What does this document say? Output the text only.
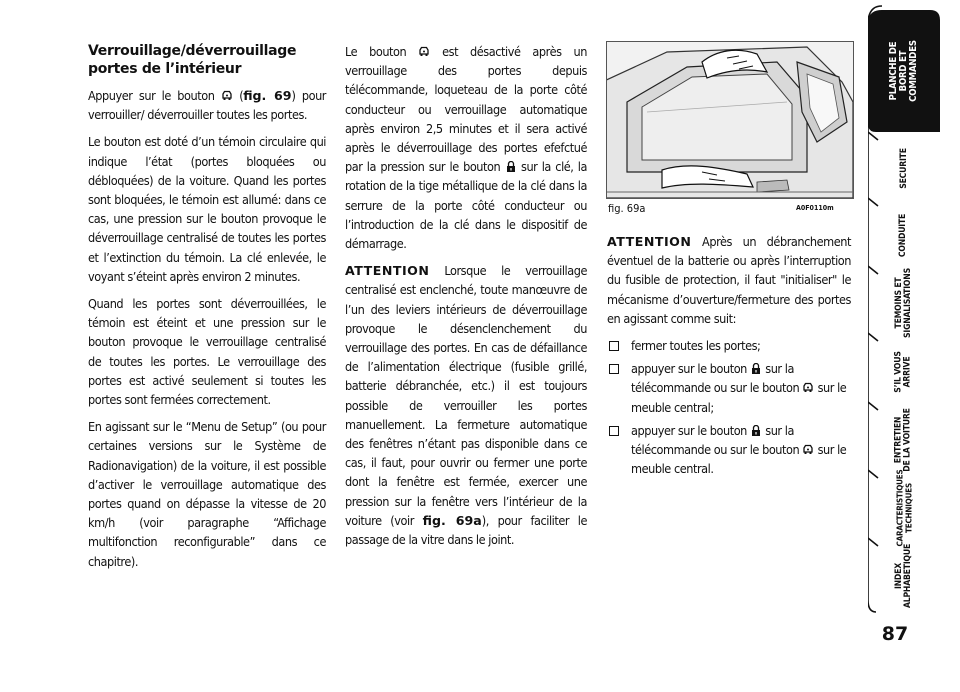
Verrouillage/déverrouillage portes de l’intérieur

Appuyer sur le bouton (fig. 69) pour verrouiller/ déverrouiller toutes les portes.

Le bouton est doté d’un témoin circulaire qui indique l’état (portes bloquées ou débloquées) de la voiture. Quand les portes sont bloquées, le témoin est allumé: dans ce cas, une pression sur le bouton provoque le déverrouillage centralisé de toutes les portes et l’extinction du témoin. La clé enlevée, le voyant s’éteint après environ 2 minutes.

Quand les portes sont déverrouillées, le témoin est éteint et une pression sur le bouton provoque le verrouillage centralisé de toutes les portes. Le verrouillage des portes est activé seulement si toutes les portes sont fermées correctement.

En agissant sur le “Menu de Setup” (ou pour certaines versions sur le Système de Radionavigation) de la voiture, il est possible d’activer le verrouillage automatique des portes quand on dépasse la vitesse de 20 km/h (voir paragraphe “Affichage multifonction reconfigurable” dans ce chapitre).

Le bouton	est désactivé après un verrouillage des portes depuis télécommande, loqueteau de la porte côté conducteur ou verrouillage automatique après environ 2,5 minutes et il sera activé après le déverrouillage des portes efefctué par la pression sur le bouton sur la clé, la rotation de la tige métallique de la clé dans la serrure de la porte côté conducteur ou l’introduction de la clé dans le dispositif de démarrage.

ATTENTION Lorsque le verrouillage centralisé est enclenché, toute manœuvre de l’un des leviers intérieurs de déverrouillage provoque le désenclenchement du verrouillage des portes. En cas de défaillance de l’alimentation électrique (fusible grillé, batterie débranchée, etc.) il est toujours possible de verrouiller les portes manuellement. La fermeture automatique des fenêtres n’étant pas disponible dans ce cas, il faut, pour ouvrir ou fermer une porte dont la fenêtre est fermée, exercer une pression sur la fenêtre vers l’intérieur de la voiture (voir fig. 69a), pour faciliter le passage de la vitre dans le joint.

fig. 69a	A0F0110m

ATTENTION Après un débranchement éventuel de la batterie ou après l’interruption du fusible de protection, il faut "initialiser" le mécanisme d’ouverture/fermeture des portes en agissant comme suit:

fermer toutes les portes;
appuyer sur le bouton sur la télécommande ou sur le bouton sur le meuble central;
appuyer sur le bouton sur la télécommande ou sur le bouton sur le meuble central.
PLANCHE DE BORD ET COMMANDES
SECURITE
CONDUITE
TEMOINS ET SIGNALISATIONS
S’IL VOUS ARRIVE
ENTRETIEN DE LA VOITURE
CARACTERISTIQUES TECHNIQUES
INDEX ALPHABETIQUE
87
